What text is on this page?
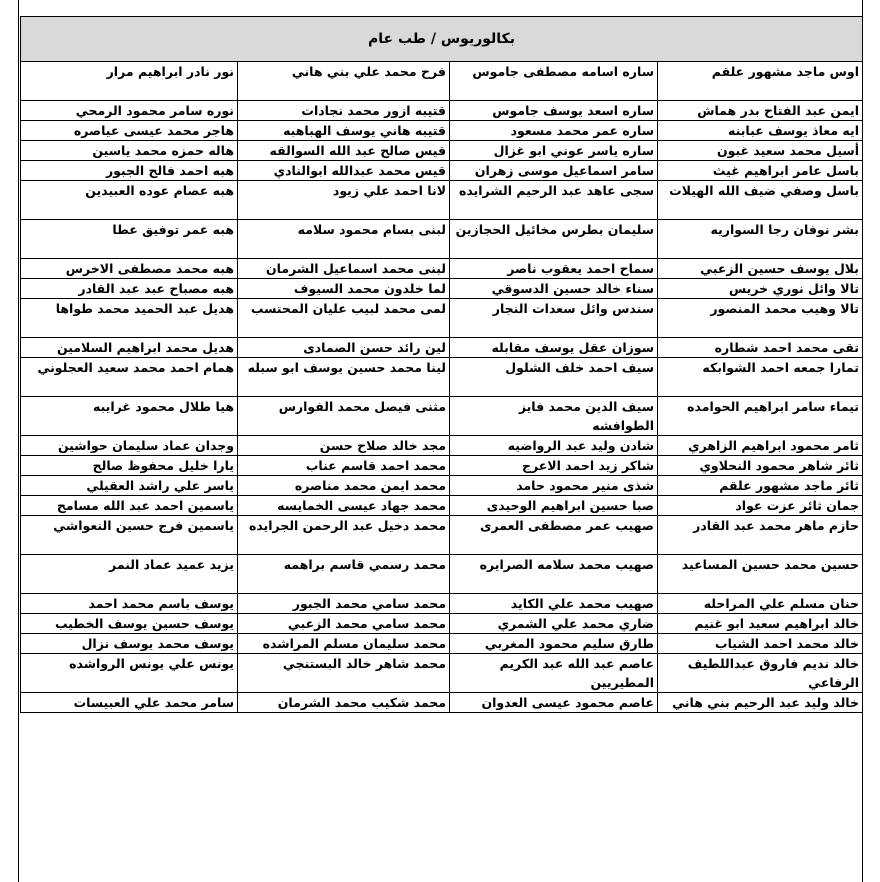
بكالوريوس / طب عام			
اوس ماجد مشهور علقم	ساره اسامه مصطفى جاموس	فرح محمد علي بني هاني	نور نادر ابراهيم مرار
ايمن عبد الفتاح بدر هماش	ساره اسعد يوسف جاموس	قتيبه ازور محمد نجادات	نوره سامر محمود الرمحي
ايه معاذ يوسف عبابنه	ساره عمر محمد مسعود	قتيبه هاني يوسف الهباهبه	هاجر محمد عيسى عياصره
أسيل محمد سعيد غبون	ساره ياسر عوني ابو غزال	قيس صالح عبد الله السوالقه	هاله حمزه محمد ياسين
باسل عامر ابراهيم غيث	سامر اسماعيل موسى زهران	قيس محمد عبدالله ابوالنادي	هبه احمد فالح الجبور
باسل وصفي ضيف الله الهيلات	سجى عاهد عبد الرحيم الشرايده	لانا احمد علي زيود	هبه عصام عوده العبيدين
بشر نوفان رجا السواريه	سليمان بطرس مخائيل الحجازين	لبنى بسام محمود سلامه	هبه عمر توفيق عطا
بلال يوسف حسين الزعبي	سماح احمد يعقوب ناصر	لبنى محمد اسماعيل الشرمان	هبه محمد مصطفى الاخرس
تالا وائل نوري خريس	سناء خالد حسين الدسوقي	لما خلدون محمد السيوف	هبه مصباح عبد عبد القادر
تالا وهيب محمد المنصور	سندس وائل سعدات النجار	لمى محمد لبيب عليان المحتسب	هديل عبد الحميد محمد طواها
تقى محمد احمد شطاره	سوزان عقل يوسف مقابله	لين رائد حسن الصمادى	هديل محمد ابراهيم السلامين
تمارا جمعه احمد الشوابكه	سيف احمد خلف الشلول	لينا محمد حسين يوسف ابو سبله	همام احمد محمد سعيد العجلوني
تيماء سامر ابراهيم الحوامده	سيف الدين محمد فايز الطوافشه	مثنى فيصل محمد الفوارس	هيا طلال محمود غرايبه
ثامر محمود ابراهيم الزاهري	شادن وليد عبد الرواضيه	مجد خالد صلاح حسن	وجدان عماد سليمان حواشين
ثائر شاهر محمود النحلاوي	شاكر زيد احمد الاعرج	محمد احمد قاسم عناب	يارا خليل محفوظ صالح
ثائر ماجد مشهور علقم	شذى منير محمود حامد	محمد ايمن محمد مناصره	ياسر علي راشد العقيلي
جمان ثائر عزت عواد	صبا حسين ابراهيم الوحيدى	محمد جهاد عيسى الخمايسه	ياسمين احمد عبد الله مسامح
حازم ماهر محمد عبد القادر	صهيب عمر مصطفى العمرى	محمد دخيل عبد الرحمن الجرايده	ياسمين فرج حسين النعواشي
حسين محمد حسين المساعيد	صهيب محمد سلامه الصرايره	محمد رسمي قاسم براهمه	يزيد عميد عماد النمر
حنان مسلم علي المراحله	صهيب محمد علي الكايد	محمد سامي محمد الجبور	يوسف باسم محمد احمد
خالد ابراهيم سعيد ابو غنيم	ضاري محمد علي الشمري	محمد سامي محمد الزعبي	يوسف حسين يوسف الخطيب
خالد محمد احمد الشياب	طارق سليم محمود المغربي	محمد سليمان مسلم المراشده	يوسف محمد يوسف نزال
خالد نديم فاروق عبداللطيف الرفاعي	عاصم عبد الله عبد الكريم المطيريين	محمد شاهر خالد البستنجي	يونس علي يونس الرواشده
خالد وليد عبد الرحيم بني هاني	عاصم محمود عيسى العدوان	محمد شكيب محمد الشرمان	سامر محمد علي العبيسات
